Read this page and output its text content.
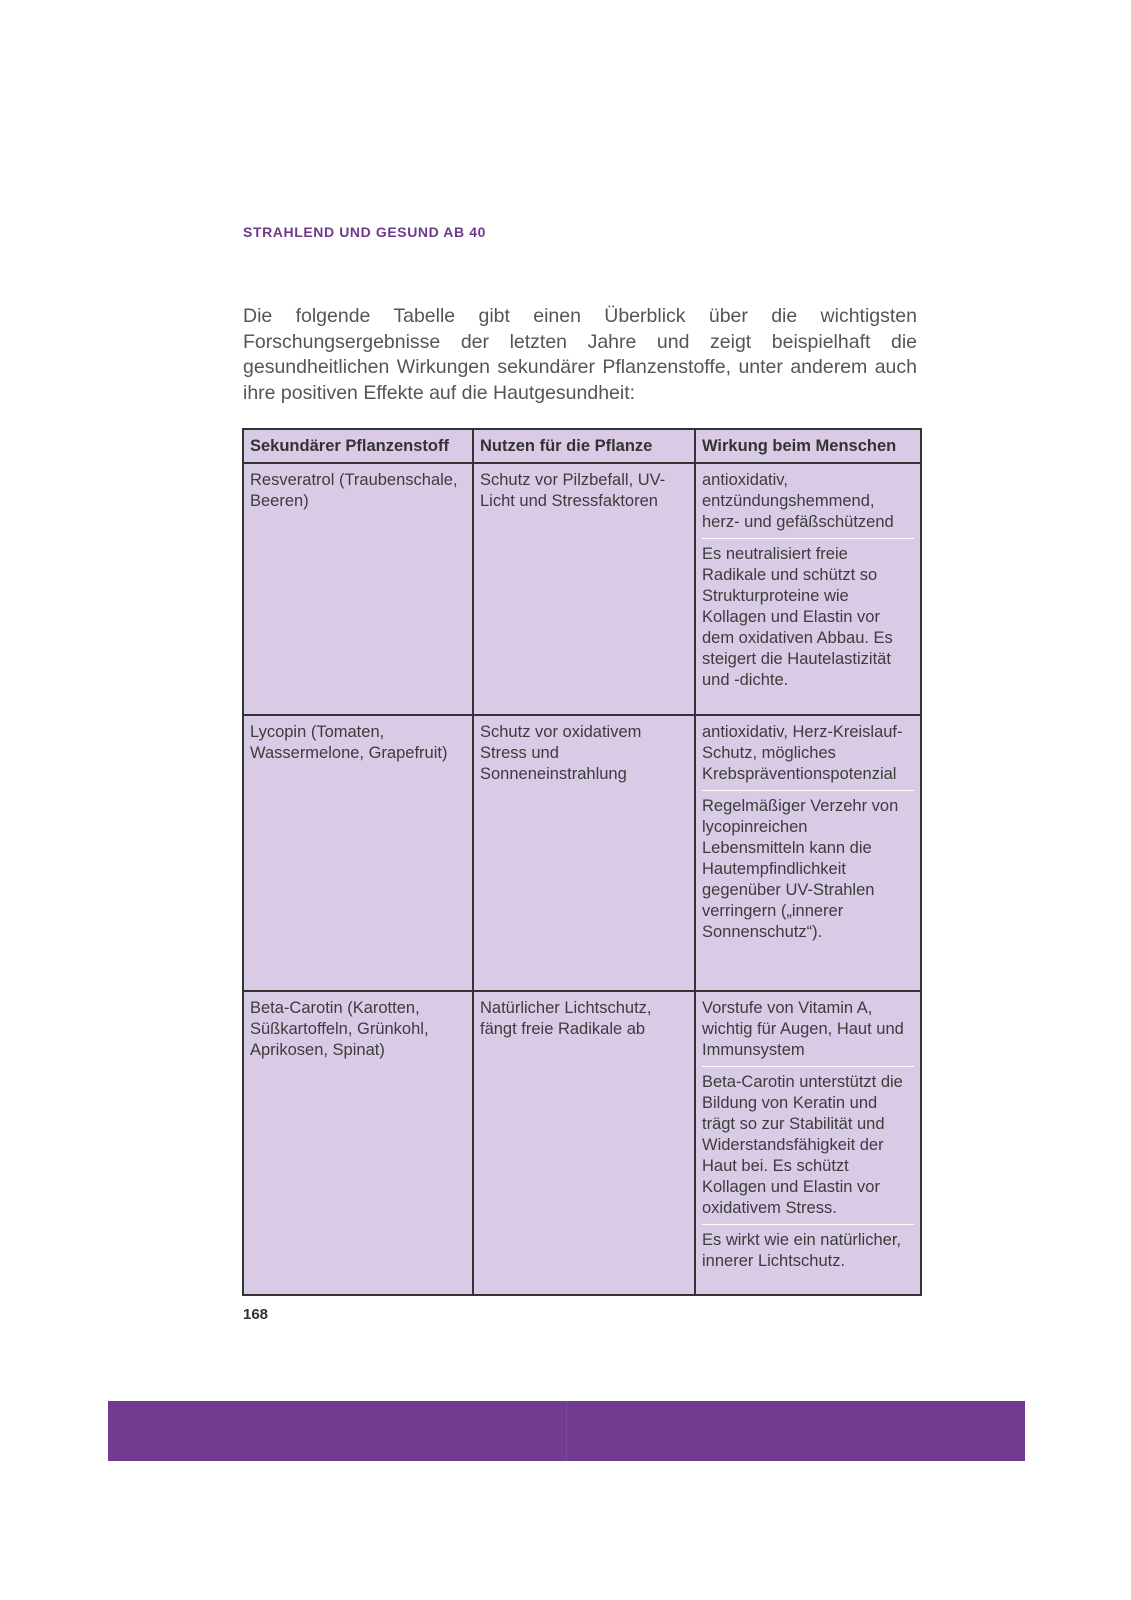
STRAHLEND UND GESUND AB 40

Die folgende Tabelle gibt einen Überblick über die wichtigsten Forschungsergebnisse der letzten Jahre und zeigt beispielhaft die gesundheitlichen Wirkungen sekundärer Pflanzenstoffe, unter anderem auch ihre positiven Effekte auf die Hautgesundheit:

Sekundärer Pflanzenstoff	Nutzen für die Pflanze	Wirkung beim Menschen
Resveratrol (Traubenschale, Beeren)	Schutz vor Pilzbefall, UV-Licht und Stressfaktoren	antioxidativ, entzündungshemmend, herz- und gefäßschützend
Es neutralisiert freie Radikale und schützt so Strukturproteine wie Kollagen und Elastin vor dem oxidativen Abbau. Es steigert die Hautelastizität und -dichte.

Lycopin (Tomaten, Wassermelone, Grapefruit)	Schutz vor oxidativem Stress und Sonneneinstrahlung	antioxidativ, Herz-Kreislauf-Schutz, mögliches Krebspräventionspotenzial
Regelmäßiger Verzehr von lycopinreichen Lebensmitteln kann die Hautempfindlichkeit gegenüber UV-Strahlen verringern („innerer Sonnenschutz“).

Beta-Carotin (Karotten, Süßkartoffeln, Grünkohl, Aprikosen, Spinat)	Natürlicher Lichtschutz, fängt freie Radikale ab	Vorstufe von Vitamin A, wichtig für Augen, Haut und Immunsystem
Beta-Carotin unterstützt die Bildung von Keratin und trägt so zur Stabilität und Widerstandsfähigkeit der Haut bei. Es schützt Kollagen und Elastin vor oxidativem Stress.
Es wirkt wie ein natürlicher, innerer Lichtschutz.
168
